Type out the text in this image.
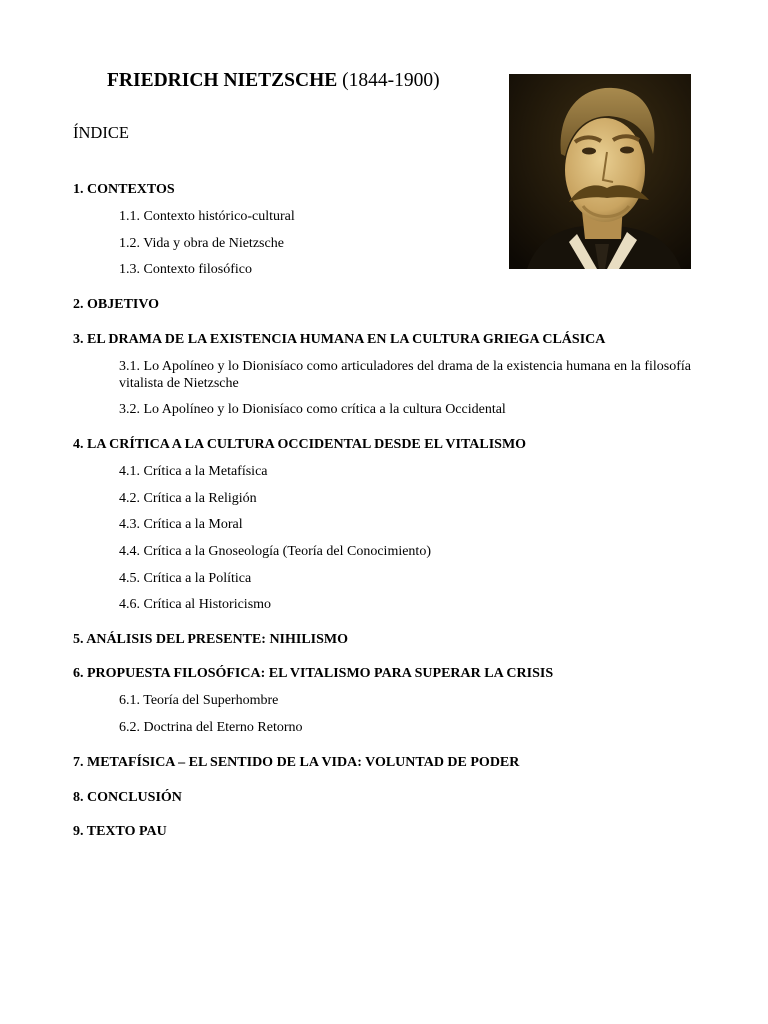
FRIEDRICH NIETZSCHE (1844-1900)
ÍNDICE
1. CONTEXTOS
1.1. Contexto histórico-cultural
1.2. Vida y obra de Nietzsche
1.3. Contexto filosófico
2. OBJETIVO
3. EL DRAMA DE LA EXISTENCIA HUMANA EN LA CULTURA GRIEGA CLÁSICA
3.1. Lo Apolíneo y lo Dionisíaco como articuladores del drama de la existencia humana en la filosofía vitalista de Nietzsche
3.2. Lo Apolíneo y lo Dionisíaco como crítica a la cultura Occidental
4. LA CRÍTICA A LA CULTURA OCCIDENTAL DESDE EL VITALISMO
4.1. Crítica a la Metafísica
4.2. Crítica a la Religión
4.3. Crítica a la Moral
4.4. Crítica a la Gnoseología (Teoría del Conocimiento)
4.5. Crítica a la Política
4.6. Crítica al Historicismo
5. ANÁLISIS DEL PRESENTE: NIHILISMO
6. PROPUESTA FILOSÓFICA: EL VITALISMO PARA SUPERAR LA CRISIS
6.1. Teoría del Superhombre
6.2. Doctrina del Eterno Retorno
7. METAFÍSICA – EL SENTIDO DE LA VIDA: VOLUNTAD DE PODER
8. CONCLUSIÓN
9. TEXTO PAU
